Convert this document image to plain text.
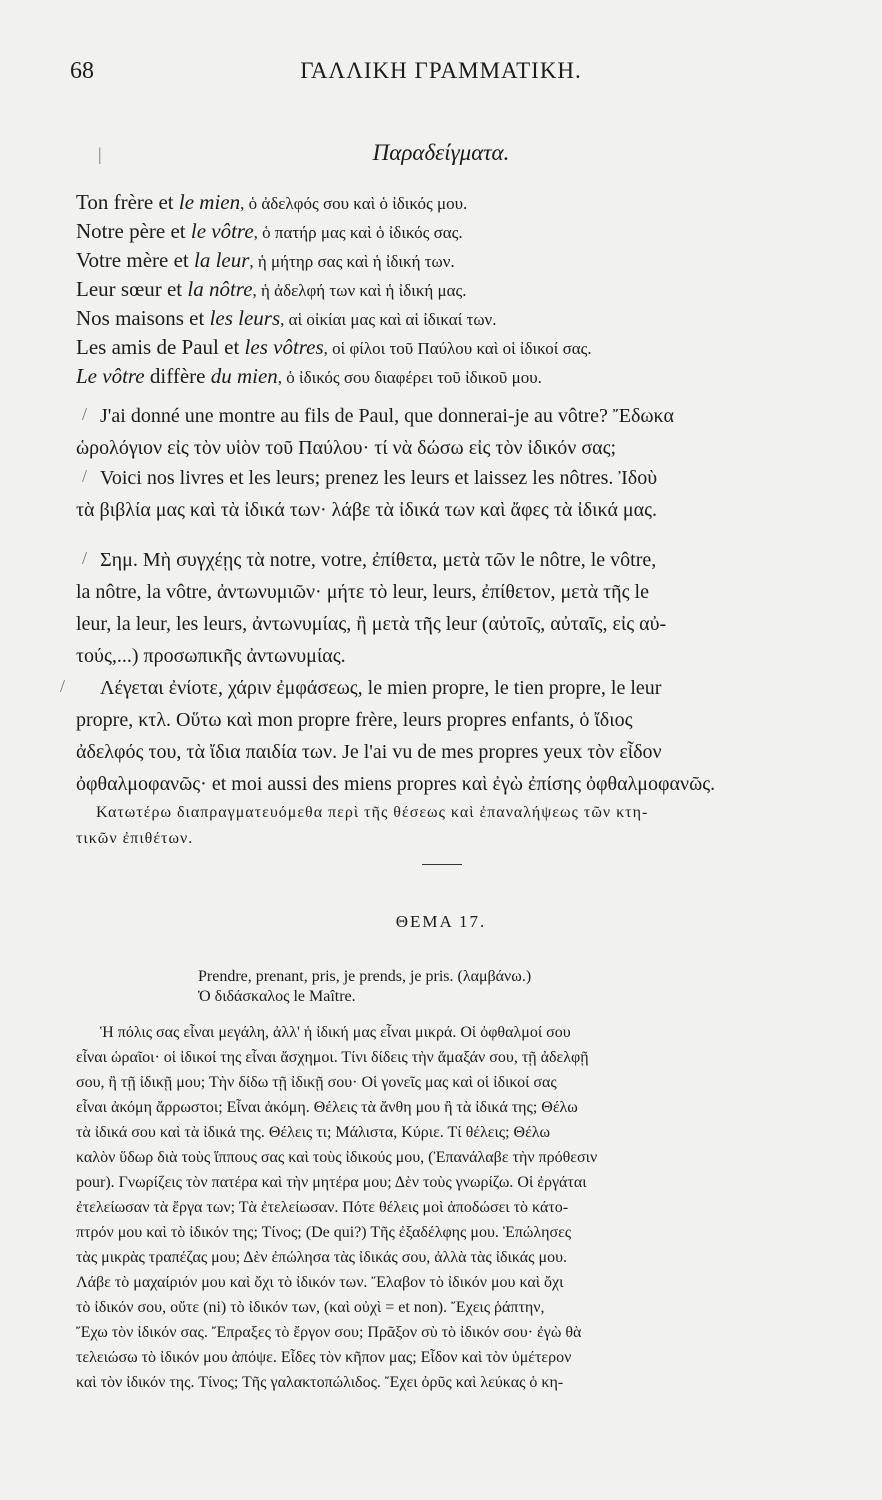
68	ΓΑΛΛΙΚΗ ΓΡΑΜΜΑΤΙΚΗ.
|	Παραδείγματα.
Ton frère et le mien, ὁ ἀδελφός σου καὶ ὁ ἰδικός μου.
Notre père et le vôtre, ὁ πατήρ μας καὶ ὁ ἰδικός σας.
Votre mère et la leur, ἡ μήτηρ σας καὶ ἡ ἰδική των.
Leur sœur et la nôtre, ἡ ἀδελφή των καὶ ἡ ἰδική μας.
Nos maisons et les leurs, αἱ οἰκίαι μας καὶ αἱ ἰδικαί των.
Les amis de Paul et les vôtres, οἱ φίλοι τοῦ Παύλου καὶ οἱ ἰδικοί σας.
Le vôtre diffère du mien, ὁ ἰδικός σου διαφέρει τοῦ ἰδικοῦ μου.
/ J'ai donné une montre au fils de Paul, que donnerai-je au vôtre? Ἔδωκα
ὡρολόγιον εἰς τὸν υἱὸν τοῦ Παύλου· τί νὰ δώσω εἰς τὸν ἰδικόν σας;
/ Voici nos livres et les leurs; prenez les leurs et laissez les nôtres. Ἰδοὺ
τὰ βιβλία μας καὶ τὰ ἰδικά των· λάβε τὰ ἰδικά των καὶ ἄφες τὰ ἰδικά μας.
/ Σημ. Μὴ συγχέῃς τὰ notre, votre, ἐπίθετα, μετὰ τῶν le nôtre, le vôtre,
la nôtre, la vôtre, ἀντωνυμιῶν· μήτε τὸ leur, leurs, ἐπίθετον, μετὰ τῆς le
leur, la leur, les leurs, ἀντωνυμίας, ἢ μετὰ τῆς leur (αὐτοῖς, αὐταῖς, εἰς αὐ-
τούς,...) προσωπικῆς ἀντωνυμίας.
/ Λέγεται ἐνίοτε, χάριν ἐμφάσεως, le mien propre, le tien propre, le leur
propre, κτλ. Οὕτω καὶ mon propre frère, leurs propres enfants, ὁ ἴδιος
ἀδελφός του, τὰ ἴδια παιδία των. Je l'ai vu de mes propres yeux τὸν εἶδον
ὀφθαλμοφανῶς· et moi aussi des miens propres καὶ ἐγὼ ἐπίσης ὀφθαλμοφανῶς.
Κατωτέρω διαπραγματευόμεθα περὶ τῆς θέσεως καὶ ἐπαναλήψεως τῶν κτη-
τικῶν ἐπιθέτων.
ΘΕΜΑ 17.
Prendre, prenant, pris, je prends, je pris. (λαμβάνω.)
Ὁ διδάσκαλος le Maître.
Ἡ πόλις σας εἶναι μεγάλη, ἀλλ' ἡ ἰδική μας εἶναι μικρά. Οἱ ὀφθαλμοί σου
εἶναι ὡραῖοι· οἱ ἰδικοί της εἶναι ἄσχημοι. Τίνι δίδεις τὴν ἅμαξάν σου, τῇ ἀδελφῇ
σου, ἢ τῇ ἰδικῇ μου; Τὴν δίδω τῇ ἰδικῇ σου· Οἱ γονεῖς μας καὶ οἱ ἰδικοί σας
εἶναι ἀκόμη ἄρρωστοι; Εἶναι ἀκόμη. Θέλεις τὰ ἄνθη μου ἢ τὰ ἰδικά της; Θέλω
τὰ ἰδικά σου καὶ τὰ ἰδικά της. Θέλεις τι; Μάλιστα, Κύριε. Τί θέλεις; Θέλω
καλὸν ὕδωρ διὰ τοὺς ἵππους σας καὶ τοὺς ἰδικούς μου, (Ἐπανάλαβε τὴν πρόθεσιν
pour). Γνωρίζεις τὸν πατέρα καὶ τὴν μητέρα μου; Δὲν τοὺς γνωρίζω. Οἱ ἐργάται
ἐτελείωσαν τὰ ἔργα των; Τὰ ἐτελείωσαν. Πότε θέλεις μοὶ ἀποδώσει τὸ κάτο-
πτρόν μου καὶ τὸ ἰδικόν της; Τίνος; (De qui?) Τῆς ἐξαδέλφης μου. Ἐπώλησες
τὰς μικρὰς τραπέζας μου; Δὲν ἐπώλησα τὰς ἰδικάς σου, ἀλλὰ τὰς ἰδικάς μου.
Λάβε τὸ μαχαίριόν μου καὶ ὄχι τὸ ἰδικόν των. Ἔλαβον τὸ ἰδικόν μου καὶ ὄχι
τὸ ἰδικόν σου, οὔτε (ni) τὸ ἰδικόν των, (καὶ οὐχὶ = et non). Ἔχεις ῥάπτην,
Ἔχω τὸν ἰδικόν σας. Ἔπραξες τὸ ἔργον σου; Πρᾶξον σὺ τὸ ἰδικόν σου· ἐγὼ θὰ
τελειώσω τὸ ἰδικόν μου ἀπόψε. Εἶδες τὸν κῆπον μας; Εἶδον καὶ τὸν ὑμέτερον
καὶ τὸν ἰδικόν της. Τίνος; Τῆς γαλακτοπώλιδος. Ἔχει ὀρῦς καὶ λεύκας ὁ κη-
